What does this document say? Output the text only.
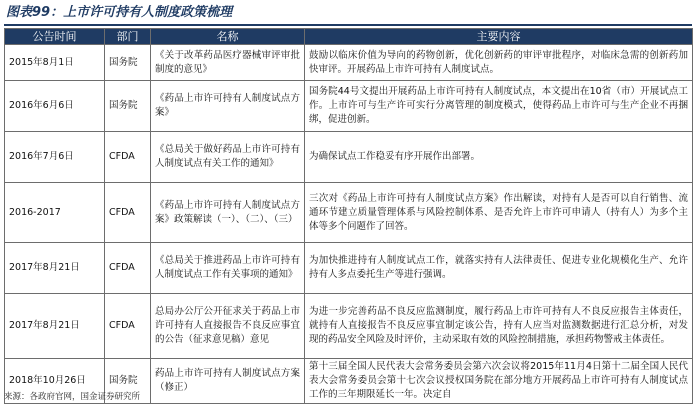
图表99：上市许可持有人制度政策梳理
公告时间	部门	名称	主要内容
2015年8月1日	国务院	《关于改革药品医疗器械审评审批制度的意见》	鼓励以临床价值为导向的药物创新，优化创新药的审评审批程序，对临床急需的创新药加快审评。开展药品上市许可持有人制度试点。
2016年6月6日	国务院	《药品上市许可持有人制度试点方案》	国务院44号文提出开展药品上市许可持有人制度试点，本文提出在10省（市）开展试点工作。上市许可与生产许可实行分离管理的制度模式，使得药品上市许可与生产企业不再捆绑，促进创新。
2016年7月6日	CFDA	《总局关于做好药品上市许可持有人制度试点有关工作的通知》	为确保试点工作稳妥有序开展作出部署。
2016-2017	CFDA	《药品上市许可持有人制度试点方案》政策解读（一）、（二）、（三）	三次对《药品上市许可持有人制度试点方案》作出解读，对持有人是否可以自行销售、流通环节建立质量管理体系与风险控制体系、是否允许上市许可申请人（持有人）为多个主体等多个问题作了回答。
2017年8月21日	CFDA	《总局关于推进药品上市许可持有人制度试点工作有关事项的通知》	为加快推进持有人制度试点工作，就落实持有人法律责任、促进专业化规模化生产、允许持有人多点委托生产等进行强调。
2017年8月21日	CFDA	总局办公厅公开征求关于药品上市许可持有人直接报告不良反应事宜的公告（征求意见稿）意见	为进一步完善药品不良反应监测制度，履行药品上市许可持有人不良反应报告主体责任，就持有人直接报告不良反应事宜制定该公告，持有人应当对监测数据进行汇总分析，对发现的药品安全风险及时评价，主动采取有效的风险控制措施，承担药物警戒主体责任。
2018年10月26日	国务院	药品上市许可持有人制度试点方案（修正）	第十三届全国人民代表大会常务委员会第六次会议将2015年11月4日第十二届全国人民代表大会常务委员会第十七次会议授权国务院在部分地方开展药品上市许可持有人制度试点工作的三年期限延长一年。决定自
来源：各政府官网，国金证券研究所
